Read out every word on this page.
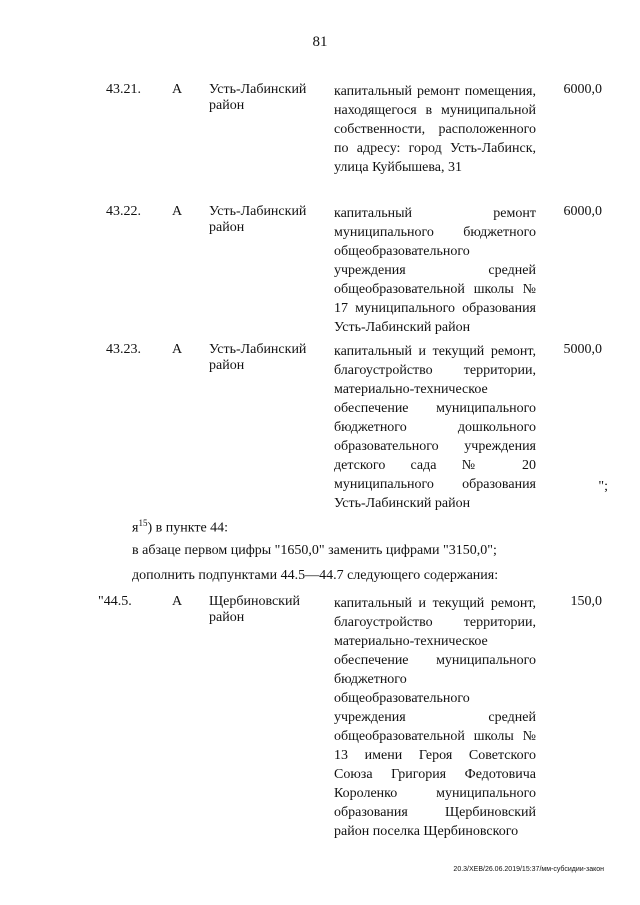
81
43.21. А Усть-Лабинский район
капитальный ремонт помещения, находящегося в муниципальной собственности, расположенного по адресу: город Усть-Лабинск, улица Куйбышева, 31
6000,0
43.22. А Усть-Лабинский район
капитальный ремонт муниципального бюджетного общеобразовательного учреждения средней общеобразовательной школы № 17 муниципального образования Усть-Лабинский район
6000,0
43.23. А Усть-Лабинский район
капитальный и текущий ремонт, благоустройство территории, материально-техническое обеспечение муниципального бюджетного дошкольного образовательного учреждения детского сада № 20 муниципального образования Усть-Лабинский район
5000,0
";
$я^{15}$) в пункте 44:
в абзаце первом цифры "1650,0" заменить цифрами "3150,0";
дополнить подпунктами 44.5—44.7 следующего содержания:
"44.5.	А Щербиновский район
капитальный и текущий ремонт, благоустройство территории, материально-техническое обеспечение муниципального бюджетного общеобразовательного учреждения средней общеобразовательной школы № 13 имени Героя Советского Союза Григория Федотовича Короленко муниципального образования Щербиновский район поселка Щербиновского
150,0
20.3/XEB/26.06.2019/15:37/мм-субсидии-закон
